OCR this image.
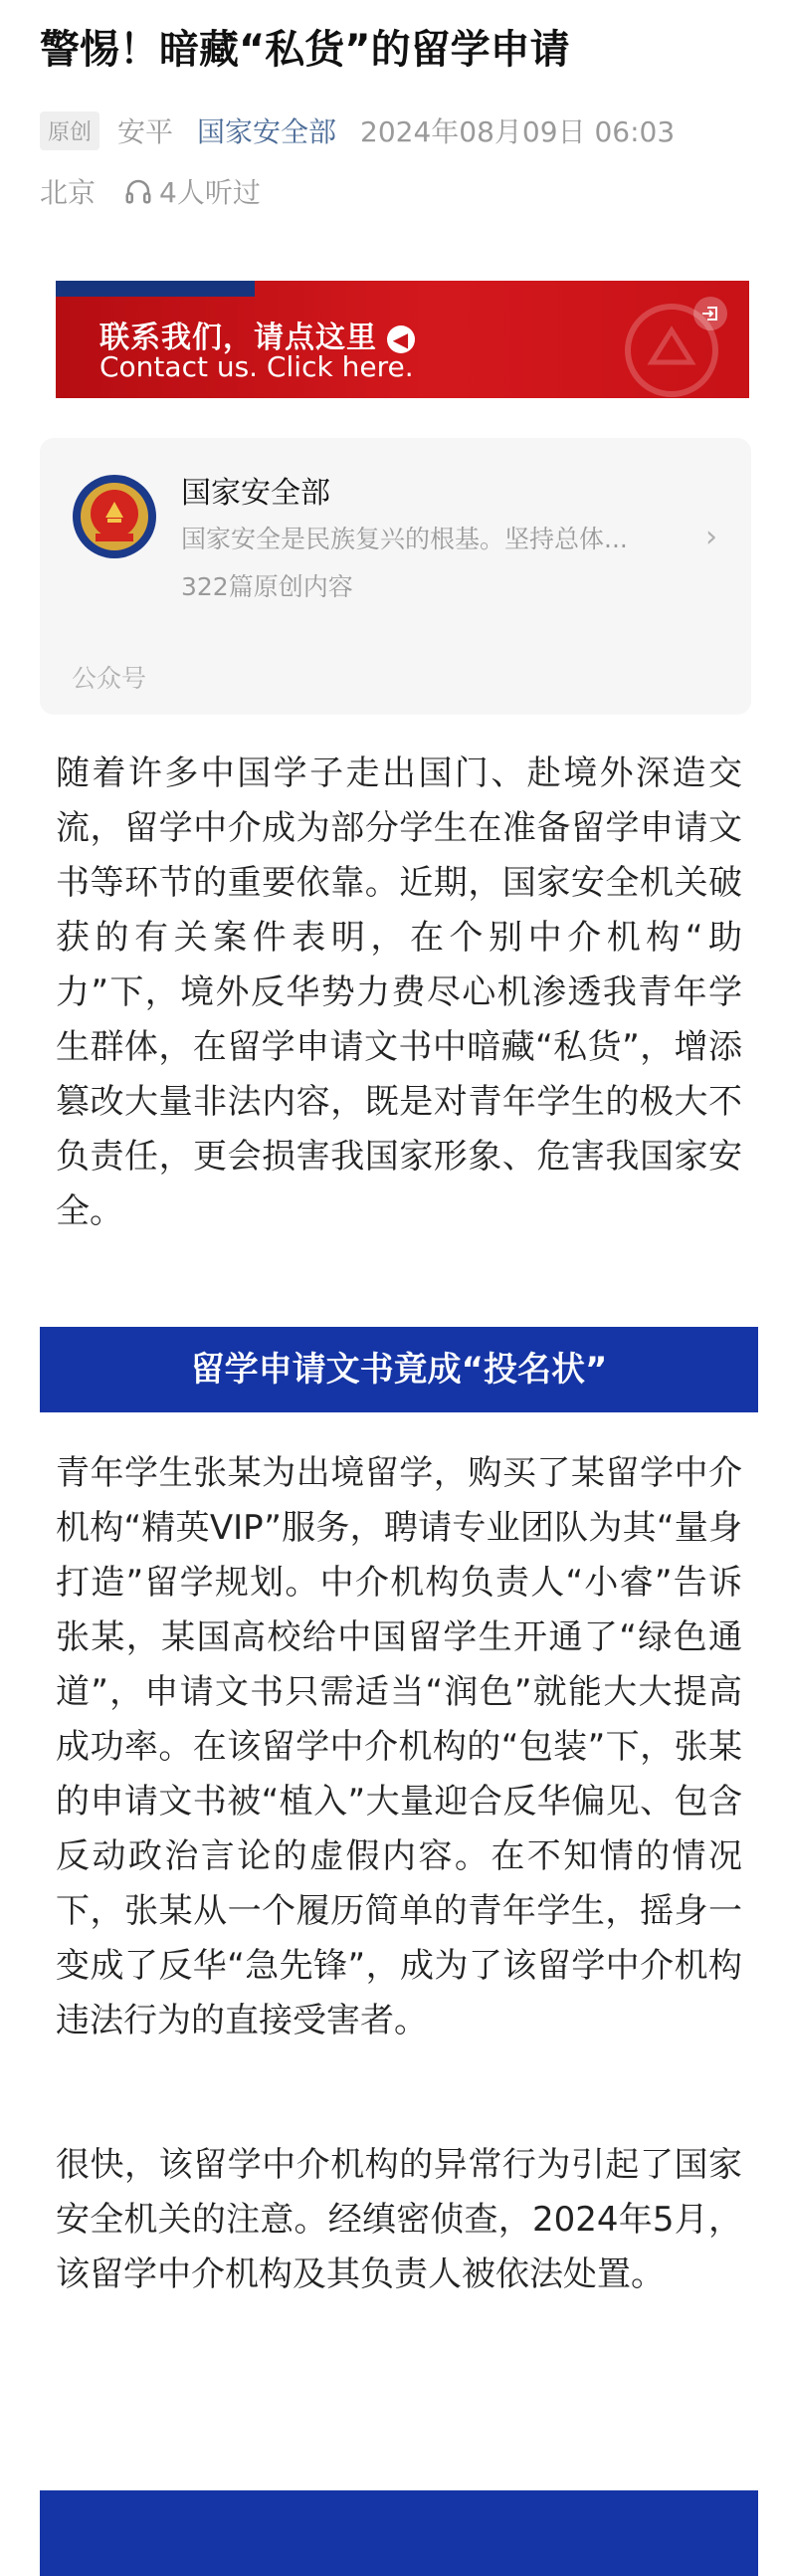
警惕！暗藏“私货”的留学申请
原创 安平 国家安全部 2024年08月09日 06:03
北京 4人听过
联系我们，请点这里 ◀
Contact us. Click here.
国家安全部
国家安全是民族复兴的根基。坚持总体...	›
322篇原创内容
公众号

随着许多中国学子走出国门、赴境外深造交流，留学中介成为部分学生在准备留学申请文书等环节的重要依靠。近期，国家安全机关破获的有关案件表明，在个别中介机构“助力”下，境外反华势力费尽心机渗透我青年学生群体，在留学申请文书中暗藏“私货”，增添篡改大量非法内容，既是对青年学生的极大不负责任，更会损害我国家形象、危害我国家安全。

留学申请文书竟成“投名状”

青年学生张某为出境留学，购买了某留学中介机构“精英VIP”服务，聘请专业团队为其“量身打造”留学规划。中介机构负责人“小睿”告诉张某，某国高校给中国留学生开通了“绿色通道”，申请文书只需适当“润色”就能大大提高成功率。在该留学中介机构的“包装”下，张某的申请文书被“植入”大量迎合反华偏见、包含反动政治言论的虚假内容。在不知情的情况下，张某从一个履历简单的青年学生，摇身一变成了反华“急先锋”，成为了该留学中介机构违法行为的直接受害者。

很快，该留学中介机构的异常行为引起了国家安全机关的注意。经缜密侦查，2024年5月，该留学中介机构及其负责人被依法处置。
